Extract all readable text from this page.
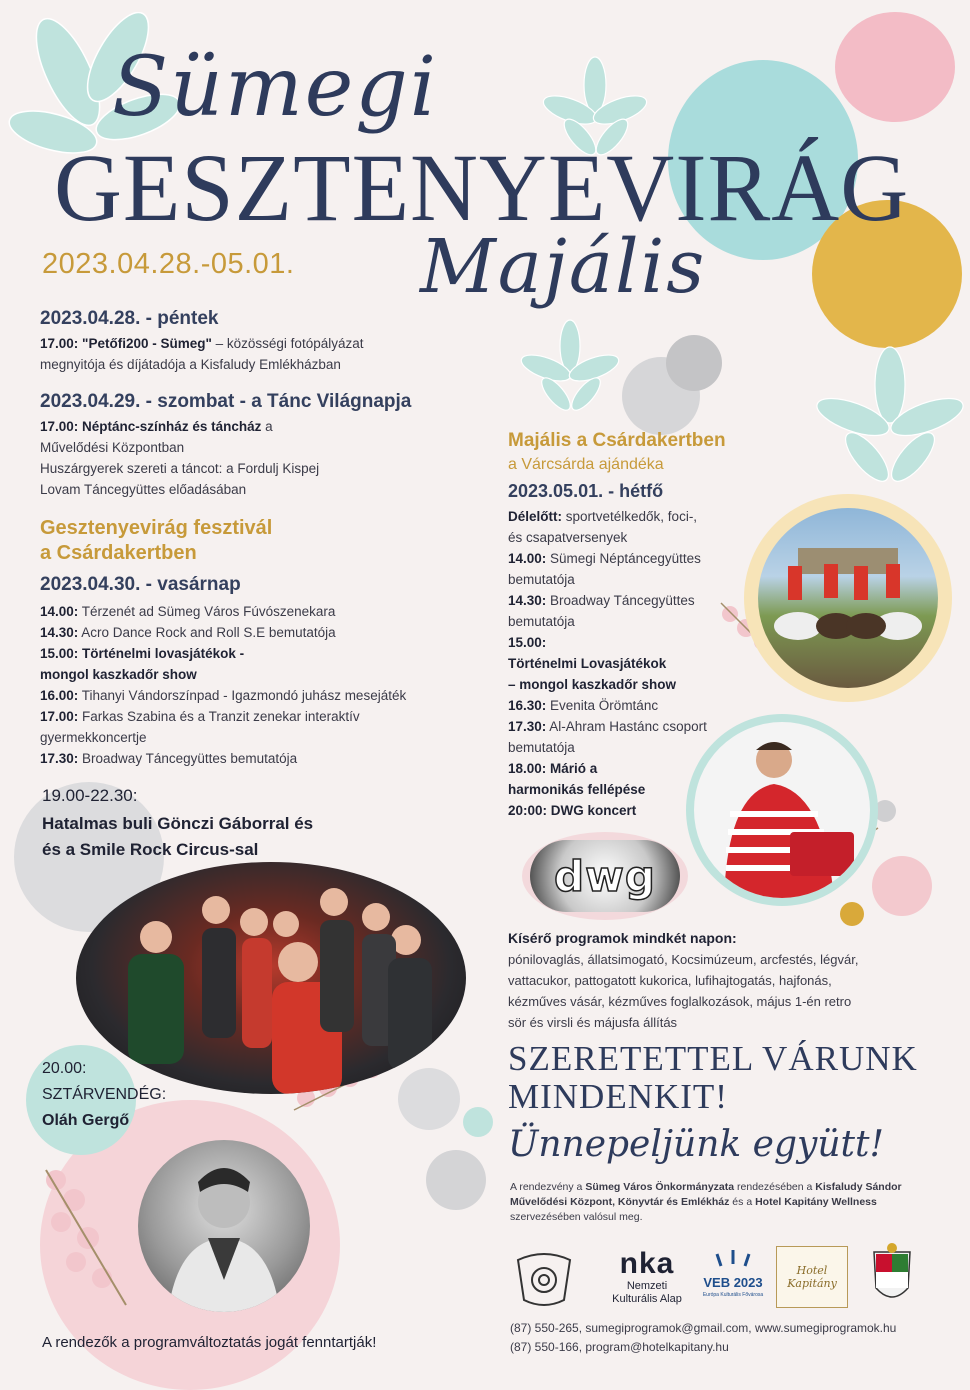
Sümegi
GESZTENYEVIRÁG
Majális
2023.04.28.-05.01.
2023.04.28. - péntek
17.00: "Petőfi200 - Sümeg" – közösségi fotópályázat
megnyitója és díjátadója a Kisfaludy Emlékházban
2023.04.29. - szombat - a Tánc Világnapja
17.00: Néptánc-színház és táncház a
Művelődési Központban
Huszárgyerek szereti a táncot: a Fordulj Kispej
Lovam Táncegyüttes előadásában
Gesztenyevirág fesztivál
a Csárdakertben
2023.04.30. - vasárnap
14.00: Térzenét ad Sümeg Város Fúvószenekara
14.30: Acro Dance Rock and Roll S.E bemutatója
15.00: Történelmi lovasjátékok -
mongol kaszkadőr show
16.00: Tihanyi Vándorszínpad - Igazmondó juhász mesejáték
17.00: Farkas Szabina és a Tranzit zenekar interaktív
gyermekkoncertje
17.30: Broadway Táncegyüttes bemutatója
19.00-22.30:
Hatalmas buli Gönczi Gáborral és
és a Smile Rock Circus-sal
20.00:
SZTÁRVENDÉG:
Oláh Gergő
A rendezők a programváltoztatás jogát fenntartják!
Majális a Csárdakertben
a Várcsárda ajándéka
2023.05.01. - hétfő
Délelőtt: sportvetélkedők, foci-,
és csapatversenyek
14.00: Sümegi Néptáncegyüttes
bemutatója
14.30: Broadway Táncegyüttes
bemutatója
15.00:
Történelmi Lovasjátékok
– mongol kaszkadőr show
16.30: Evenita Örömtánc
17.30: Al-Ahram Hastánc csoport
bemutatója
18.00: Márió a
harmonikás fellépése
20:00: DWG koncert
dwg
Kísérő programok mindkét napon:
pónilovaglás, állatsimogató, Kocsimúzeum, arcfestés, légvár,
vattacukor, pattogatott kukorica, lufihajtogatás, hajfonás,
kézműves vásár, kézműves foglalkozások, május 1-én retro
sör és virsli és májusfa állítás
SZERETETTEL VÁRUNK
MINDENKIT!
Ünnepeljünk együtt!
A rendezvény a Sümeg Város Önkormányzata rendezésében a Kisfaludy Sándor Művelődési Központ, Könyvtár és Emlékház és a Hotel Kapitány Wellness szervezésében valósul meg.
nka
Nemzeti
Kulturális Alap
VEB 2023
Európa Kulturális Fővárosa
Hotel Kapitány
(87) 550-265, sumegiprogramok@gmail.com, www.sumegiprogramok.hu
(87) 550-166, program@hotelkapitany.hu
